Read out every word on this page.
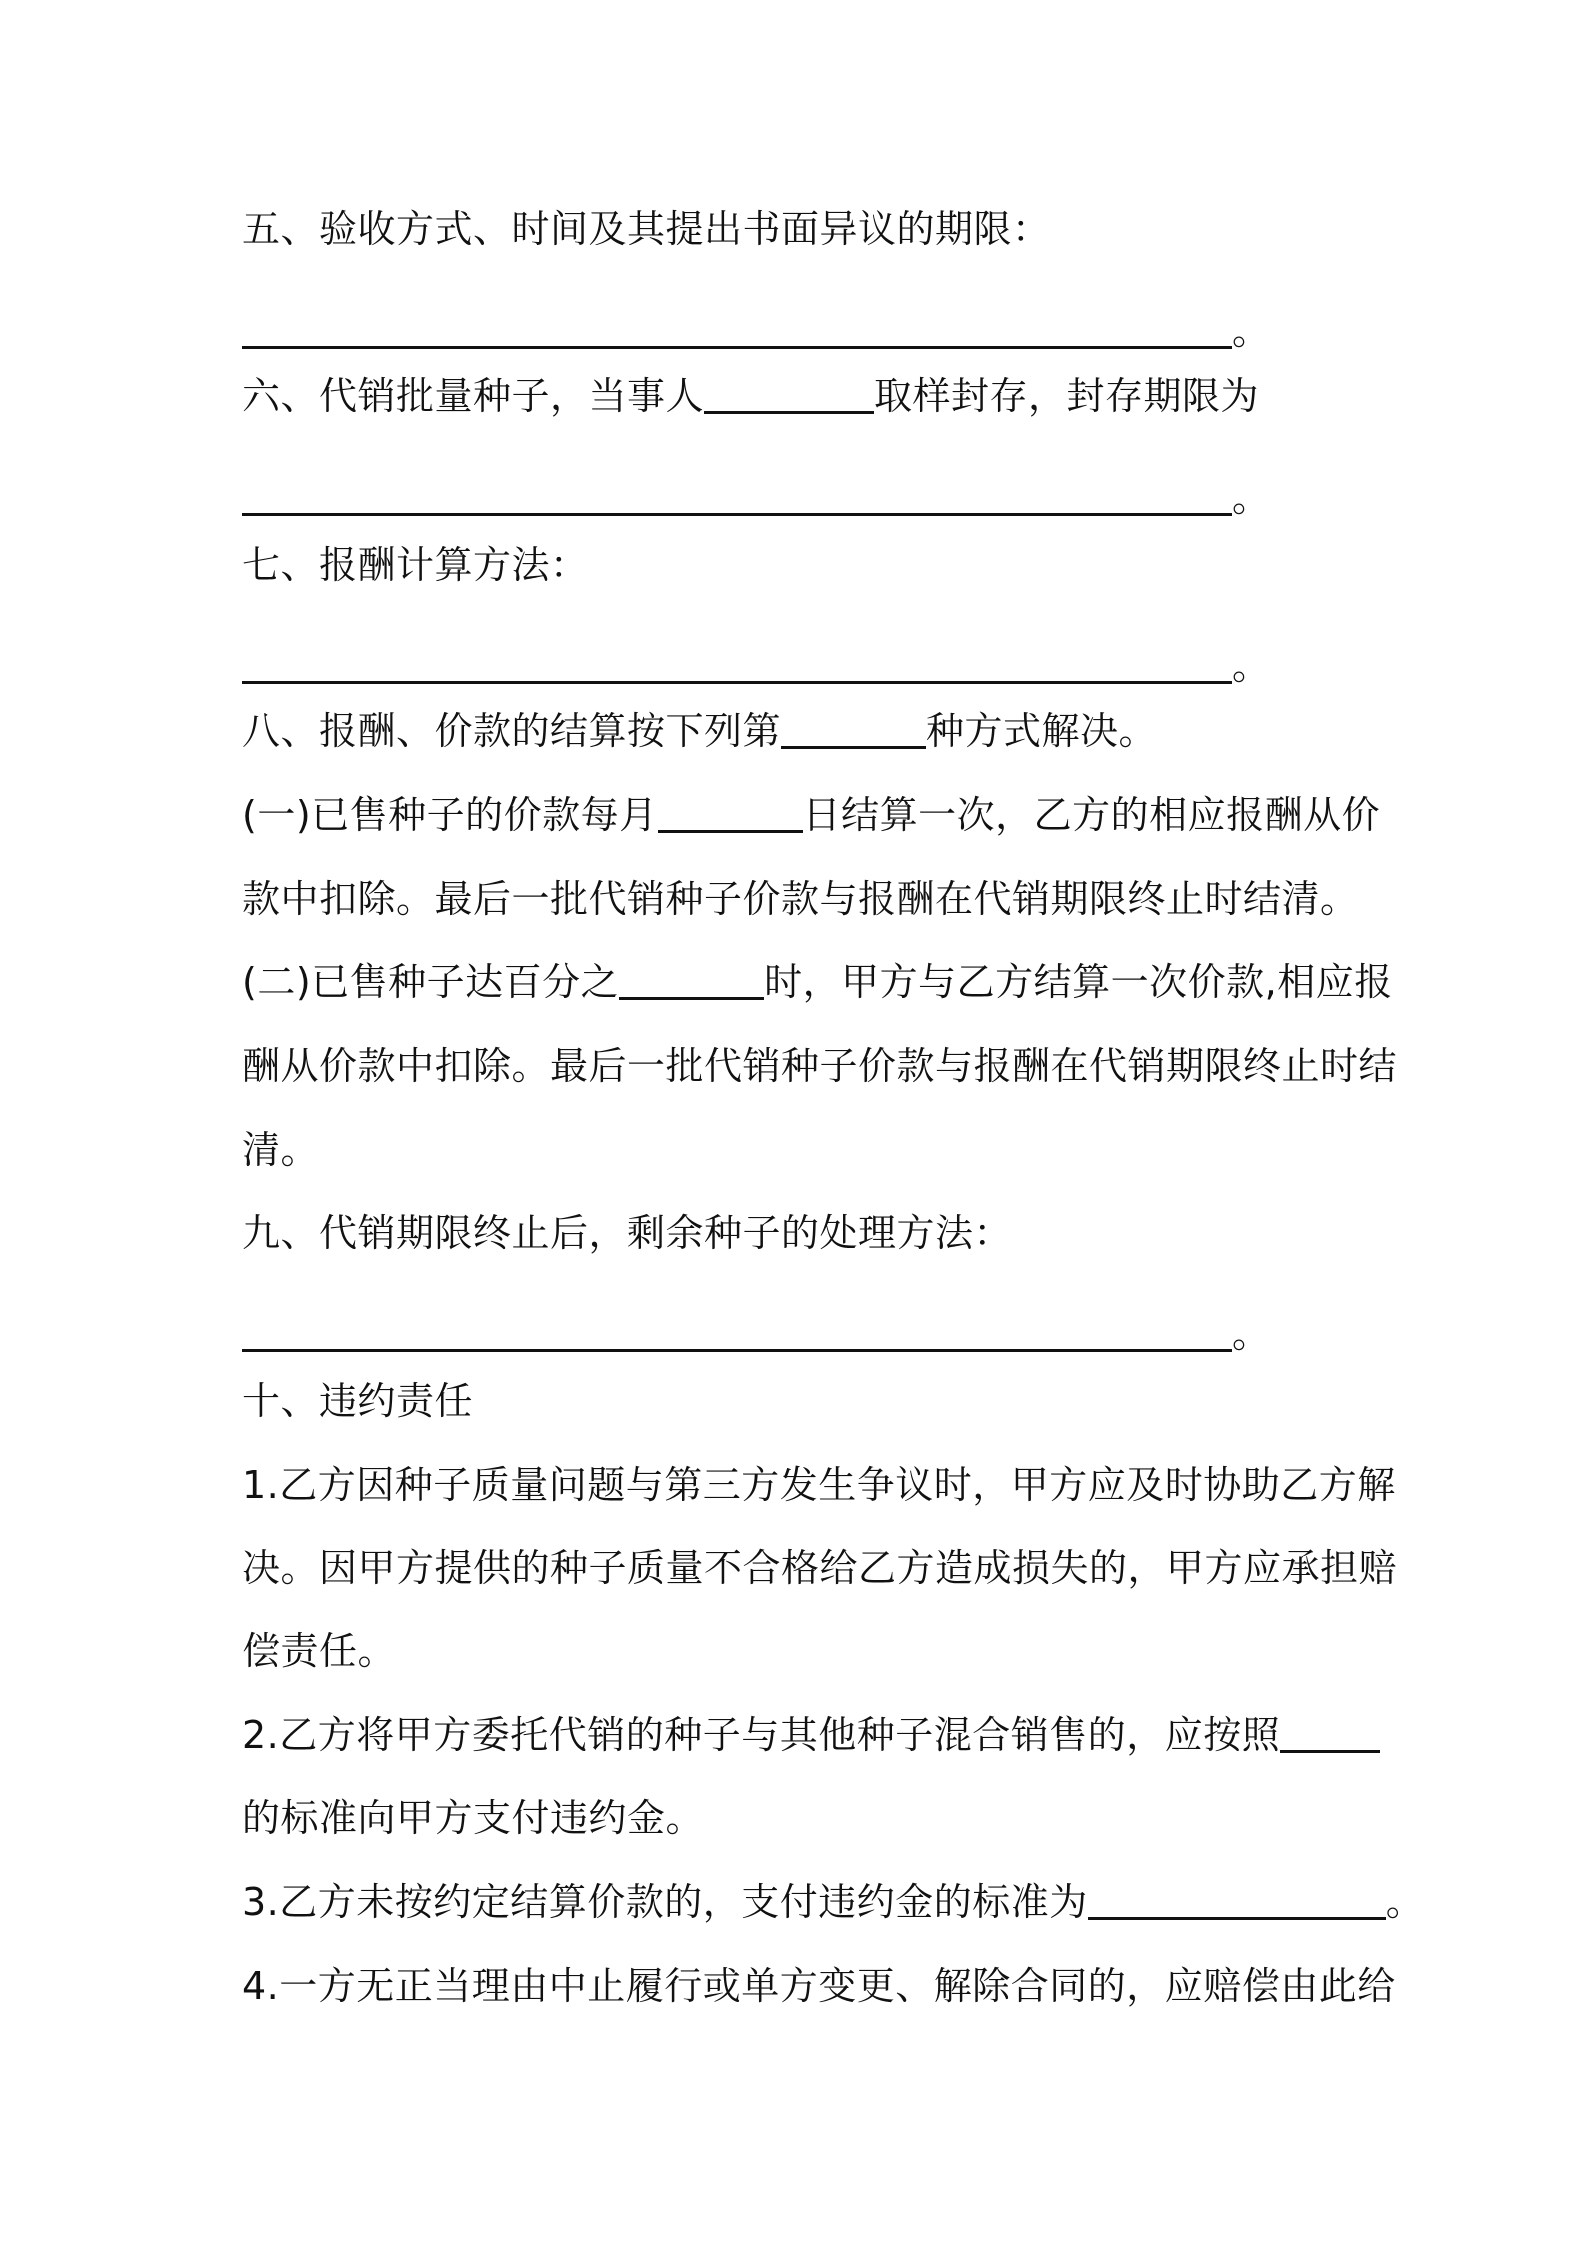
五、验收方式、时间及其提出书面异议的期限：

。

六、代销批量种子，当事人	取样封存，封存期限为

。

七、报酬计算方法：

。

八、报酬、价款的结算按下列第	种方式解决。

(一)已售种子的价款每月	日结算一次，乙方的相应报酬从价

款中扣除。最后一批代销种子价款与报酬在代销期限终止时结清。

(二)已售种子达百分之	时，甲方与乙方结算一次价款,相应报

酬从价款中扣除。最后一批代销种子价款与报酬在代销期限终止时结

清。

九、代销期限终止后，剩余种子的处理方法：

。

十、违约责任

1.乙方因种子质量问题与第三方发生争议时，甲方应及时协助乙方解

决。因甲方提供的种子质量不合格给乙方造成损失的，甲方应承担赔

偿责任。

2.乙方将甲方委托代销的种子与其他种子混合销售的，应按照

的标准向甲方支付违约金。

3.乙方未按约定结算价款的，支付违约金的标准为	。

4.一方无正当理由中止履行或单方变更、解除合同的，应赔偿由此给
